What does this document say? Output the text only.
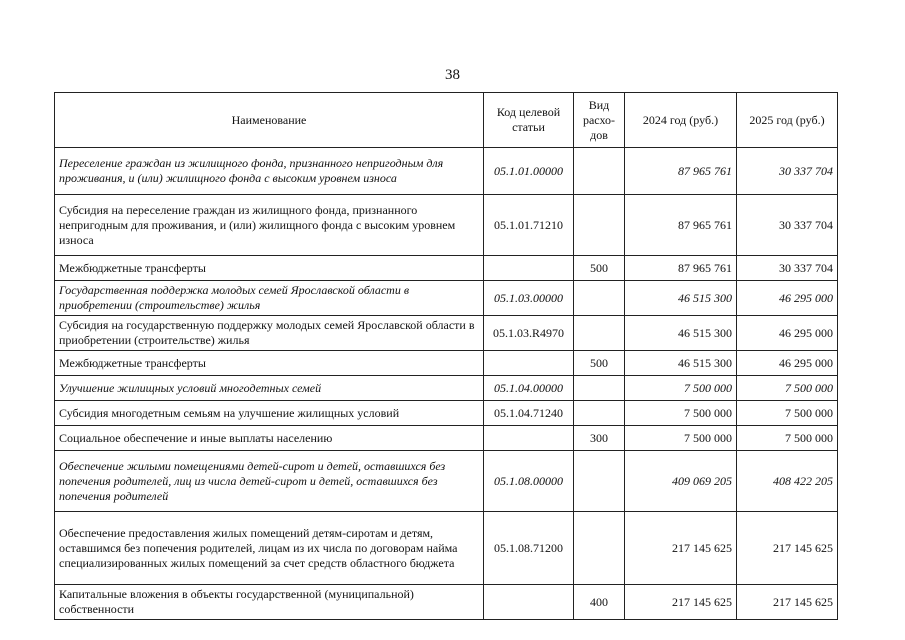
38
Наименование	Код целевой статьи	Вид расхо-дов	2024 год (руб.)	2025 год (руб.)
Переселение граждан из жилищного фонда, признанного непригодным для проживания, и (или) жилищного фонда с высоким уровнем износа	05.1.01.00000		87 965 761	30 337 704
Субсидия на переселение граждан из жилищного фонда, признанного непригодным для проживания, и (или) жилищного фонда с высоким уровнем износа	05.1.01.71210		87 965 761	30 337 704
Межбюджетные трансферты		500	87 965 761	30 337 704
Государственная поддержка молодых семей Ярославской области в приобретении (строительстве) жилья	05.1.03.00000		46 515 300	46 295 000
Субсидия на государственную поддержку молодых семей Ярославской области в приобретении (строительстве) жилья	05.1.03.R4970		46 515 300	46 295 000
Межбюджетные трансферты		500	46 515 300	46 295 000
Улучшение жилищных условий многодетных семей	05.1.04.00000		7 500 000	7 500 000
Субсидия многодетным семьям на улучшение жилищных условий	05.1.04.71240		7 500 000	7 500 000
Социальное обеспечение и иные выплаты населению		300	7 500 000	7 500 000
Обеспечение жилыми помещениями детей-сирот и детей, оставшихся без попечения родителей, лиц из числа детей-сирот и детей, оставшихся без попечения родителей	05.1.08.00000		409 069 205	408 422 205
Обеспечение предоставления жилых помещений детям-сиротам и детям, оставшимся без попечения родителей, лицам из их числа по договорам найма специализированных жилых помещений за счет средств областного бюджета	05.1.08.71200		217 145 625	217 145 625
Капитальные вложения в объекты государственной (муниципальной) собственности		400	217 145 625	217 145 625
